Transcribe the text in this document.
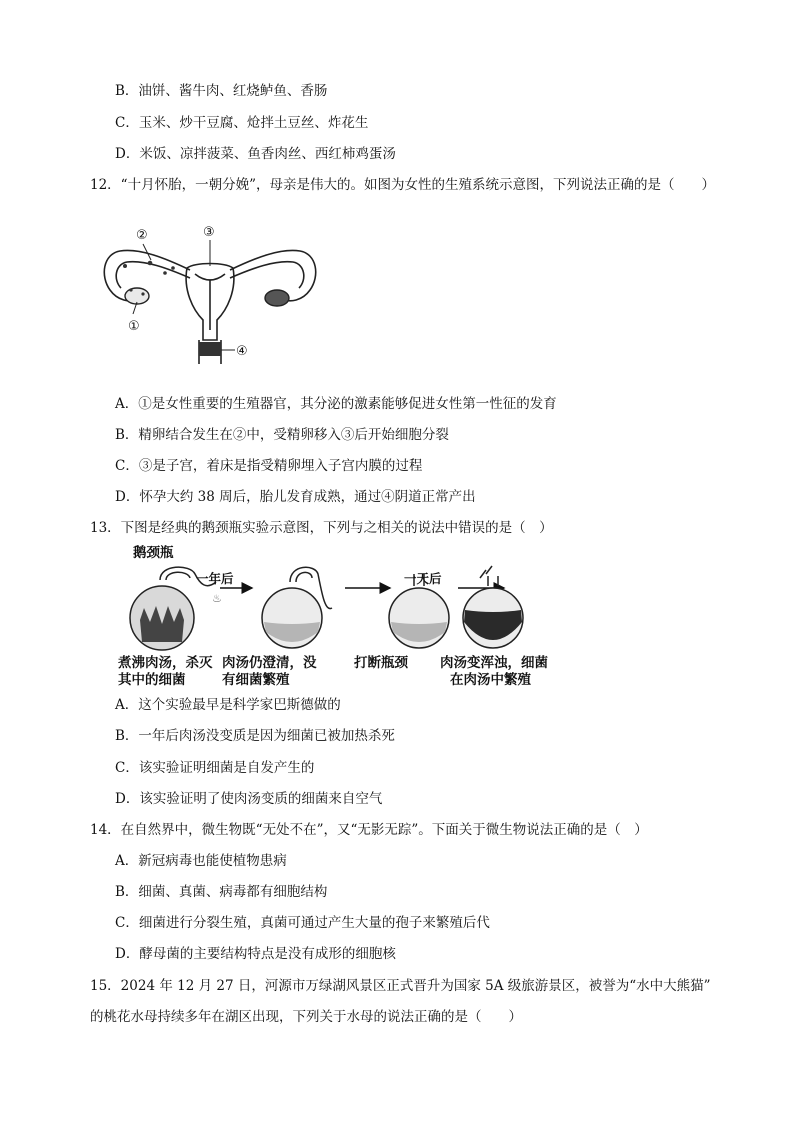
B．油饼、酱牛肉、红烧鲈鱼、香肠
C．玉米、炒干豆腐、炝拌土豆丝、炸花生
D．米饭、凉拌菠菜、鱼香肉丝、西红柿鸡蛋汤
12．“十月怀胎，一朝分娩”，母亲是伟大的。如图为女性的生殖系统示意图，下列说法正确的是（　　）
②	③
①
④
A．①是女性重要的生殖器官，其分泌的激素能够促进女性第一性征的发育
B．精卵结合发生在②中，受精卵移入③后开始细胞分裂
C．③是子宫，着床是指受精卵埋入子宫内膜的过程
D．怀孕大约 38 周后，胎儿发育成熟，通过④阴道正常产出
13．下图是经典的鹅颈瓶实验示意图，下列与之相关的说法中错误的是（　）
鹅颈瓶
♨
一年后	一天后
煮沸肉汤，杀灭
其中的细菌
肉汤仍澄清，没
有细菌繁殖
打断瓶颈 肉汤变浑浊，细菌
在肉汤中繁殖
A．这个实验最早是科学家巴斯德做的
B．一年后肉汤没变质是因为细菌已被加热杀死
C．该实验证明细菌是自发产生的
D．该实验证明了使肉汤变质的细菌来自空气
14．在自然界中，微生物既“无处不在”，又“无影无踪”。下面关于微生物说法正确的是（　）
A．新冠病毒也能使植物患病
B．细菌、真菌、病毒都有细胞结构
C．细菌进行分裂生殖，真菌可通过产生大量的孢子来繁殖后代
D．酵母菌的主要结构特点是没有成形的细胞核
15．2024 年 12 月 27 日，河源市万绿湖风景区正式晋升为国家 5A 级旅游景区，被誉为“水中大熊猫”
的桃花水母持续多年在湖区出现，下列关于水母的说法正确的是（　　）
